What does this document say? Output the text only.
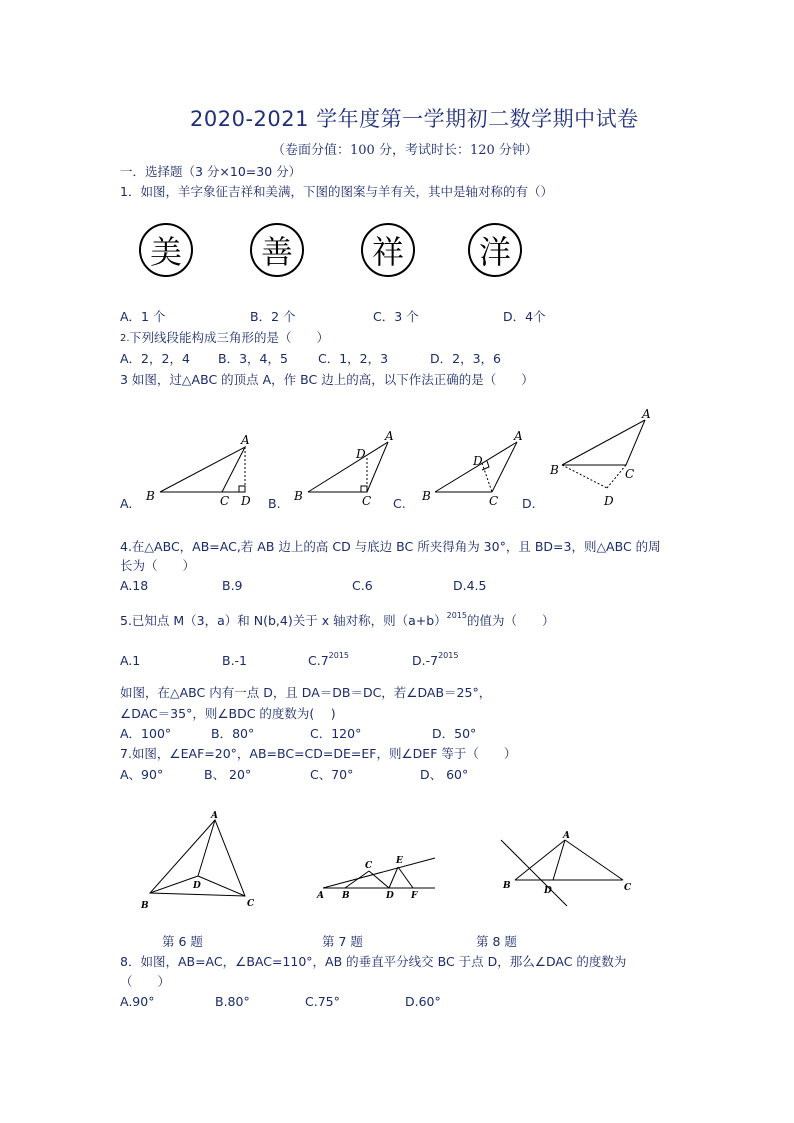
2020-2021 学年度第一学期初二数学期中试卷
（卷面分值：100 分，考试时长：120 分钟）
一．选择题（3 分×10=30 分）
1．如图，羊字象征吉祥和美满，下图的图案与羊有关，其中是轴对称的有（）
美	善	祥	洋
A．1 个	B．2 个	C．3 个	D．4个
2. 下列线段能构成三角形的是（　　）
A．2，2，4 B．3，4，5 C．1，2，3	D．2，3，6
3 如图，过△ABC 的顶点 A，作 BC 边上的高，以下作法正确的是（　　）
A
B	C D
A
B	C
D
A
B	C
D
A
B	C
D
A.	B.	C.	D.
4.在△ABC，AB=AC,若 AB 边上的高 CD 与底边 BC 所夹得角为 30°，且 BD=3，则△ABC 的周
长为（　　）
A.18	B.9	C.6	D.4.5
5.已知点 M（3，a）和 N(b,4)关于 x 轴对称，则$(a+b)^{2015}$的值为（　　）
A.1	B.-1	$C.7^{2015}$	$D.-7^{2015}$
如图，在△ABC 内有一点 D，且 DA＝DB＝DC，若∠DAB＝25°，
∠DAC＝35°，则∠BDC 的度数为(　 )
A．100°	B．80°	C．120°	D．50°
7.如图，∠EAF=20°，AB=BC=CD=DE=EF，则∠DEF 等于（　　）
A、90°	B、 20°	C、70°	D、 60°
A
B	C
D
A B
C
D
E
F
A
B	C
D
第 6 题	第 7 题	第 8 题
8．如图，AB=AC，∠BAC=110°，AB 的垂直平分线交 BC 于点 D，那么∠DAC 的度数为
（　　）
A.90°	B.80°	C.75°	D.60°
